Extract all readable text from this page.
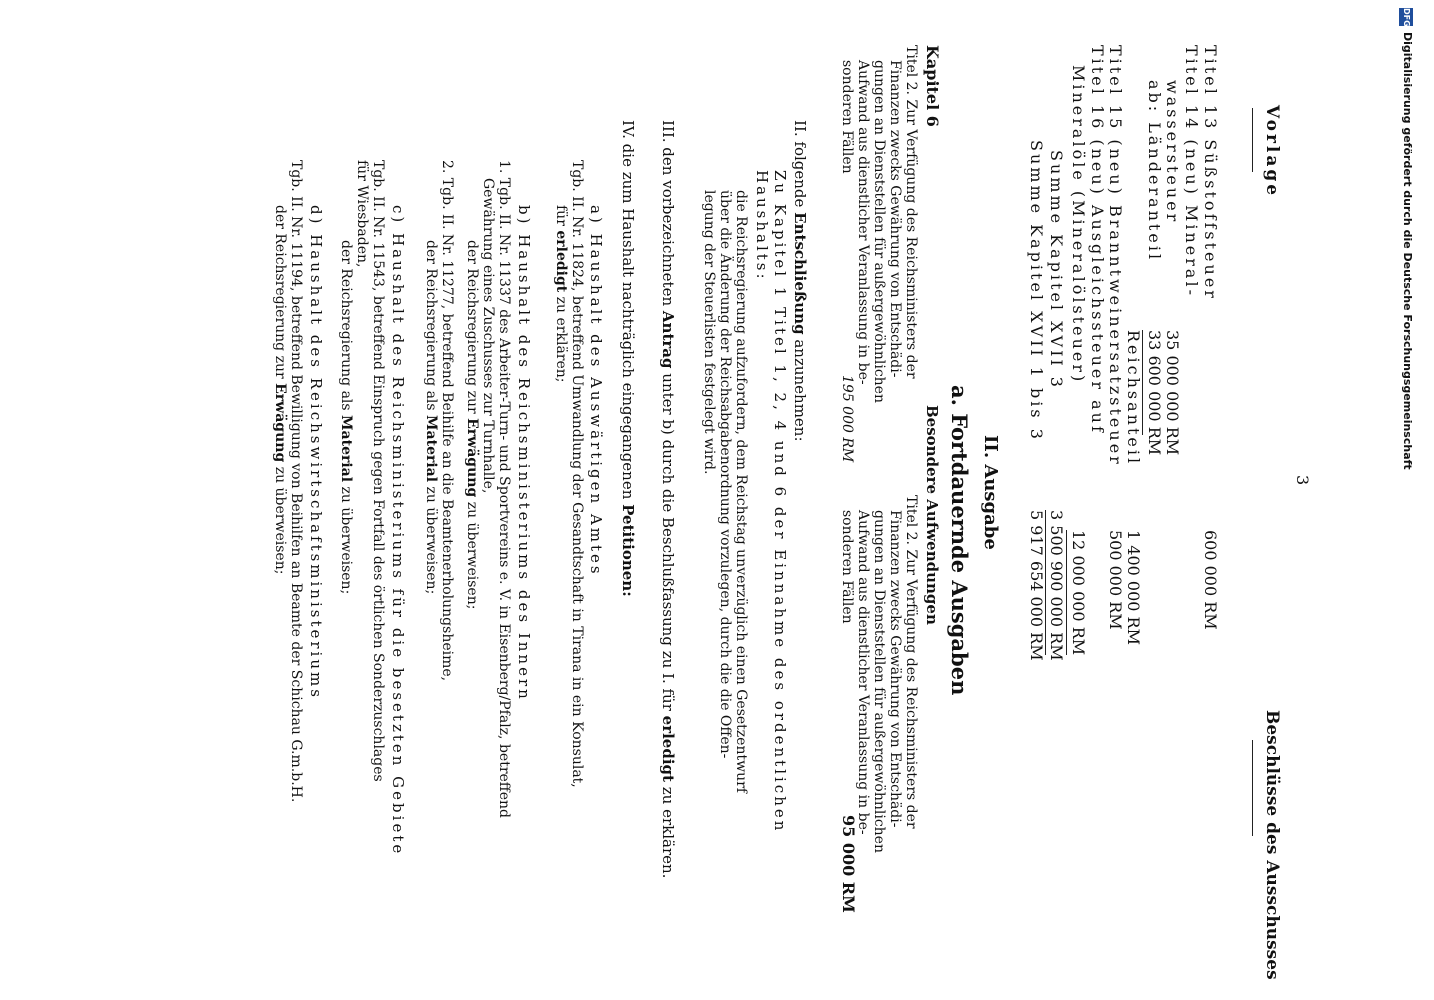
3
Vorlage
Beschlüsse des Ausschusses
Titel 13 Süßstoffsteuer
600 000 RM
Titel 14 (neu) Mineral-
wassersteuer
35 000 000 RM
ab: Länderanteil
33 600 000 RM
Reichsanteil
1 400 000 RM
Titel 15 (neu) Branntweinersatzsteuer
500 000 RM
Titel 16 (neu) Ausgleichssteuer auf
Mineralöle (Mineralölsteuer)
12 000 000 RM
Summe Kapitel XVII 3
3 500 900 000 RM
Summe Kapitel XVII 1 bis 3
5 917 654 000 RM
II. Ausgabe
a. Fortdauernde Ausgaben
Besondere Aufwendungen
Kapitel 6
Titel 2. Zur Verfügung des Reichsministers der
Finanzen zwecks Gewährung von Entschädi-
gungen an Dienststellen für außergewöhnlichen
Aufwand aus dienstlicher Veranlassung in be-
sonderen Fällen
195 000 RM
Titel 2. Zur Verfügung des Reichsministers der
Finanzen zwecks Gewährung von Entschädi-
gungen an Dienststellen für außergewöhnlichen
Aufwand aus dienstlicher Veranlassung in be-
sonderen Fällen
95 000 RM
II. folgende Entschließung anzunehmen:
Zu Kapitel 1 Titel 1, 2, 4 und 6 der Einnahme des ordentlichen
Haushalts:
die Reichsregierung aufzufordern, dem Reichstag unverzüglich einen Gesetzentwurf
über die Änderung der Reichsabgabenordnung vorzulegen, durch die die Offen-
legung der Steuerlisten festgelegt wird.
III. den vorbezeichneten Antrag unter b) durch die Beschlußfassung zu I. für erledigt zu erklären.
IV. die zum Haushalt nachträglich eingegangenen Petitionen:
a) Haushalt des Auswärtigen Amtes
Tgb. II. Nr. 11824, betreffend Umwandlung der Gesandtschaft in Tirana in ein Konsulat,
für erledigt zu erklären;
b) Haushalt des Reichsministeriums des Innern
1. Tgb. II. Nr. 11337 des Arbeiter-Turn- und Sportvereins e. V. in Eisenberg/Pfalz, betreffend
Gewährung eines Zuschusses zur Turnhalle,
der Reichsregierung zur Erwägung zu überweisen;
2. Tgb. II. Nr. 11277, betreffend Beihilfe an die Beamtenerholungsheime,
der Reichsregierung als Material zu überweisen;
c) Haushalt des Reichsministeriums für die besetzten Gebiete
Tgb. II. Nr. 11543, betreffend Einspruch gegen Fortfall des örtlichen Sonderzuschlages
für Wiesbaden,
der Reichsregierung als Material zu überweisen;
d) Haushalt des Reichswirtschaftsministeriums
Tgb. II. Nr. 11194, betreffend Bewilligung von Beihilfen an Beamte der Schichau G.m.b.H.
der Reichsregierung zur Erwägung zu überweisen;
DFG
Digitalisierung gefördert durch die Deutsche Forschungsgemeinschaft
